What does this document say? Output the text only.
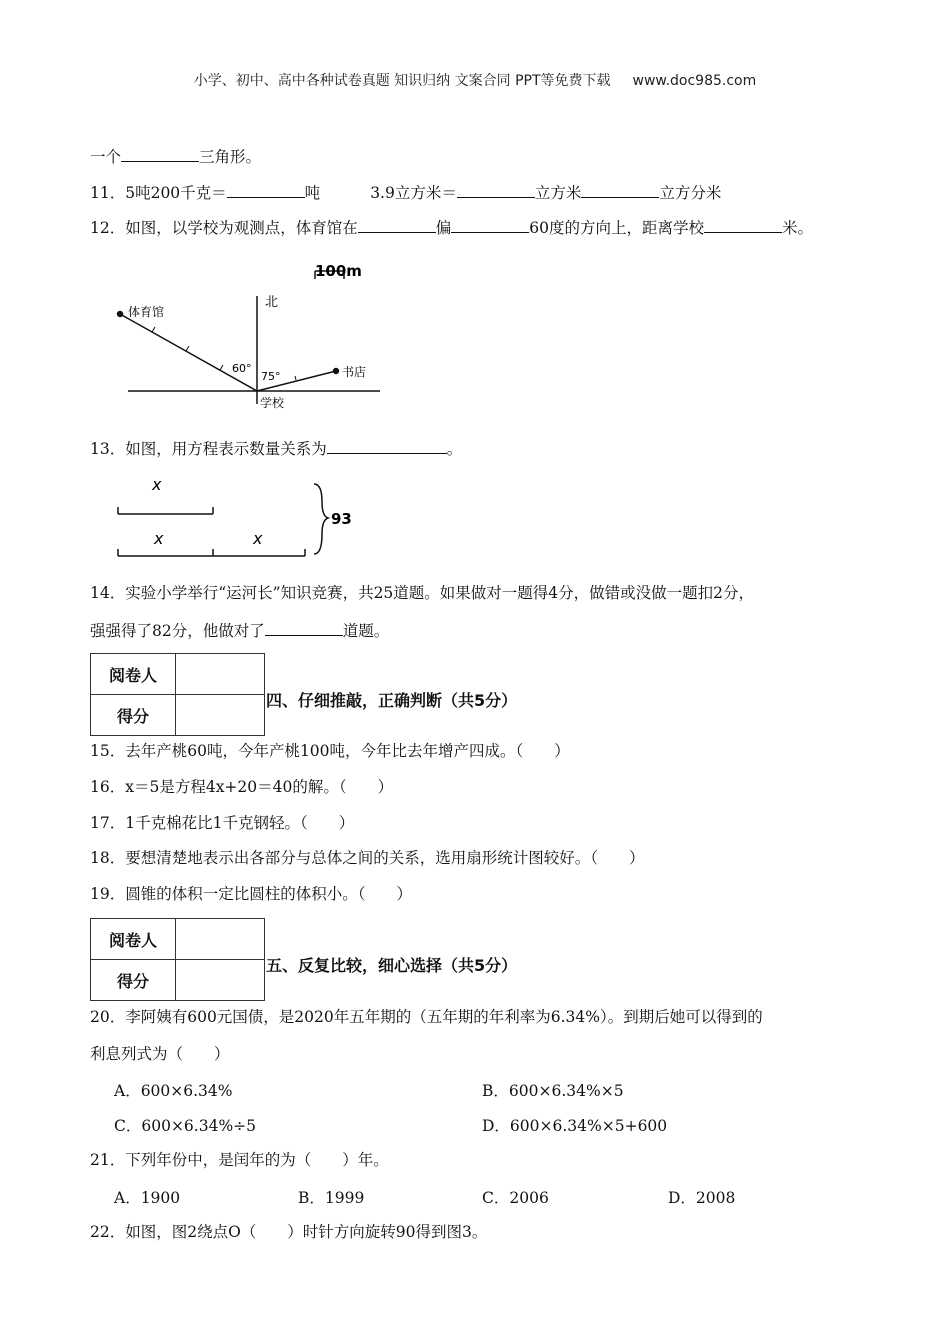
小学、初中、高中各种试卷真题 知识归纳 文案合同 PPT等免费下载 www.doc985.com
一个	三角形。
11．5吨200千克＝	吨	3.9立方米＝	立方米	立方分米
12．如图，以学校为观测点，体育馆在	偏	60度的方向上，距离学校	米。
100m
北
体育馆
书店
60°
75°
学校
13．如图，用方程表示数量关系为	。
x
x	x
93
14．实验小学举行“运河长”知识竞赛，共25道题。如果做对一题得4分，做错或没做一题扣2分，
强强得了82分，他做对了	道题。
阅卷人	
得分	
四、仔细推敲，正确判断（共5分）
15．去年产桃60吨，今年产桃100吨，今年比去年增产四成。（　　）
16．x＝5是方程4x+20＝40的解。（　　）
17．1千克棉花比1千克钢轻。（　　）
18．要想清楚地表示出各部分与总体之间的关系，选用扇形统计图较好。（　　）
19．圆锥的体积一定比圆柱的体积小。（　　）
阅卷人	
得分	
五、反复比较，细心选择（共5分）
20．李阿姨有600元国债，是2020年五年期的（五年期的年利率为6.34%）。到期后她可以得到的
利息列式为（　　）
A．600×6.34%	B．600×6.34%×5
C．600×6.34%÷5	D．600×6.34%×5+600
21．下列年份中，是闰年的为（　　）年。
A．1900	B．1999	C．2006	D．2008
22．如图，图2绕点O（　　）时针方向旋转90得到图3。
